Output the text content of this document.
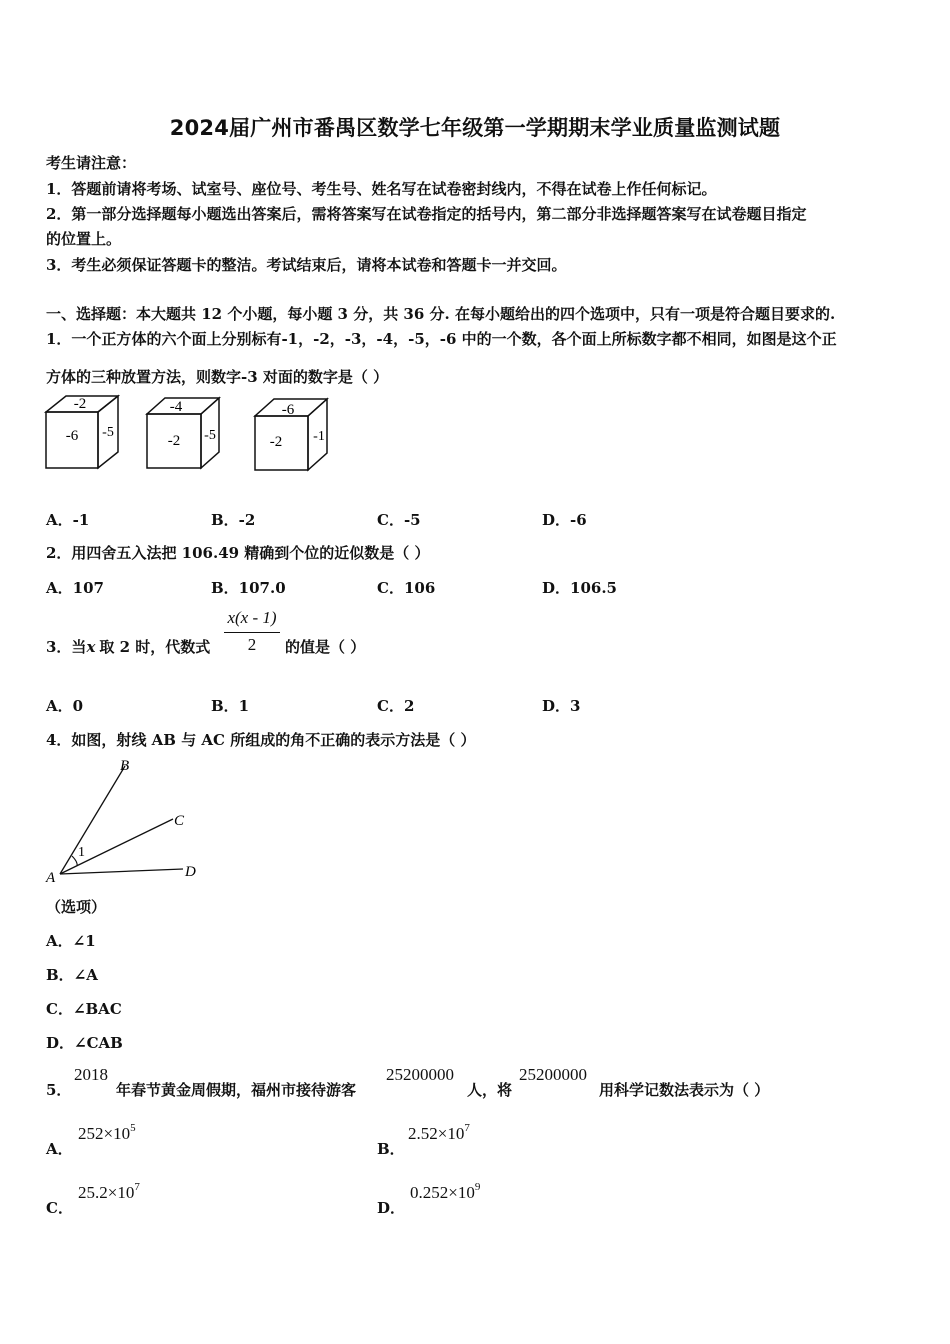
2024届广州市番禺区数学七年级第一学期期末学业质量监测试题
考生请注意：
1．答题前请将考场、试室号、座位号、考生号、姓名写在试卷密封线内，不得在试卷上作任何标记。
2．第一部分选择题每小题选出答案后，需将答案写在试卷指定的括号内，第二部分非选择题答案写在试卷题目指定
的位置上。
3．考生必须保证答题卡的整洁。考试结束后，请将本试卷和答题卡一并交回。
一、选择题：本大题共 12 个小题，每小题 3 分，共 36 分. 在每小题给出的四个选项中，只有一项是符合题目要求的.
1．一个正方体的六个面上分别标有-1，-2，-3，-4，-5，-6 中的一个数，各个面上所标数字都不相同，如图是这个正
方体的三种放置方法，则数字-3 对面的数字是（ ）
-2
-6 -5
-4
-2 -5
-6
-2 -1
A．-1	B．-2	C．-5	D．-6
2．用四舍五入法把 106.49 精确到个位的近似数是（ ）
A．107	B．107.0	C．106	D．106.5
3．当x 取 2 时，代数式
x(x - 1)
2	的值是（ ）
A．0	B．1	C．2	D．3
4．如图，射线 AB 与 AC 所组成的角不正确的表示方法是（ ）
1
A
B
C
D
（选项）
A．∠1
B．∠A
C．∠BAC
D．∠CAB
5．
2018
年春节黄金周假期，福州市接待游客
25200000
人，将
25200000
用科学记数法表示为（ ）
A．
$252\times 10^5$
B．
$2.52\times 10^7$
C．
$25.2\times 10^7$
D．
$0.252\times 10^9$
